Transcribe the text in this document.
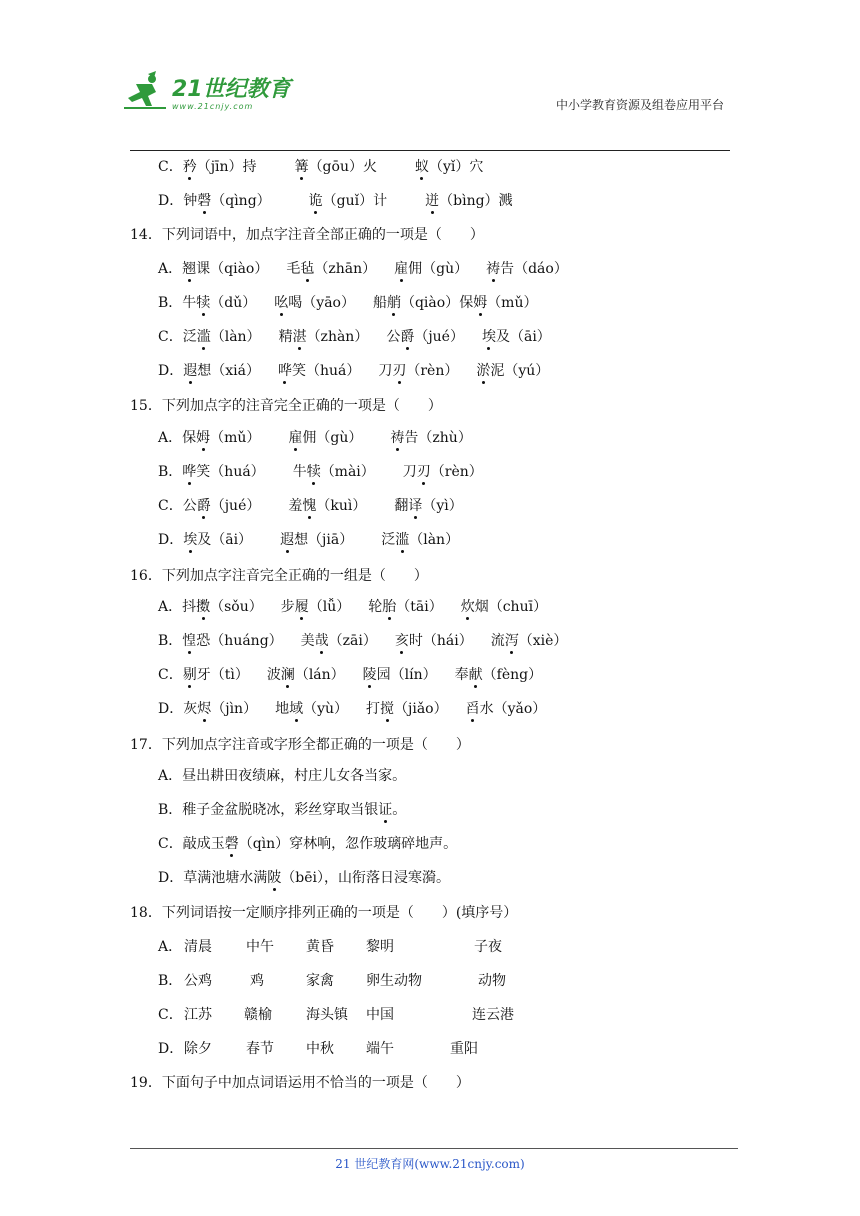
21世纪教育
www.21cnjy.com	中小学教育资源及组卷应用平台
C．矜（jīn）持	篝（gōu）火	蚁（yǐ）穴
D．钟磬（qìng）	诡（guǐ）计	迸（bìng）溅
14．下列词语中，加点字注音全部正确的一项是（　　）
A．翘课（qiào） 毛毡（zhān） 雇佣（gù） 祷告（dáo）
B．牛犊（dǔ） 吆喝（yāo） 船艄（qiào）保姆（mǔ）
C．泛滥（làn） 精湛（zhàn） 公爵（jué） 埃及（āi）
D．遐想（xiá） 哗笑（huá） 刀刃（rèn） 淤泥（yú）
15．下列加点字的注音完全正确的一项是（　　）
A．保姆（mǔ） 雇佣（gù） 祷告（zhù）
B．哗笑（huá） 牛犊（mài） 刀刃（rèn）
C．公爵（jué） 羞愧（kuì） 翻译（yì）
D．埃及（āi） 遐想（jiā） 泛滥（làn）
16．下列加点字注音完全正确的一组是（　　）
A．抖擞（sǒu） 步履（lǚ） 轮胎（tāi） 炊烟（chuī）
B．惶恐（huáng） 美哉（zāi） 亥时（hái） 流泻（xiè）
C．剔牙（tì） 波澜（lán） 陵园（lín） 奉献（fèng）
D．灰烬（jìn） 地域（yù） 打搅（jiǎo） 舀水（yǎo）
17．下列加点字注音或字形全都正确的一项是（　　）
A．昼出耕田夜绩麻，村庄儿女各当家。
B．稚子金盆脱晓冰，彩丝穿取当银证。
C．敲成玉磬（qìn）穿林响，忽作玻璃碎地声。
D．草满池塘水满陂（bēi），山衔落日浸寒漪。
18．下列词语按一定顺序排列正确的一项是（　　）(填序号）
A． 清晨 中午 黄昏 黎明	子夜
B． 公鸡	鸡	家禽 卵生动物	动物
C． 江苏 赣榆 海头镇 中国	连云港
D． 除夕 春节 中秋 端午	重阳
19．下面句子中加点词语运用不恰当的一项是（　　）
21 世纪教育网(www.21cnjy.com)
